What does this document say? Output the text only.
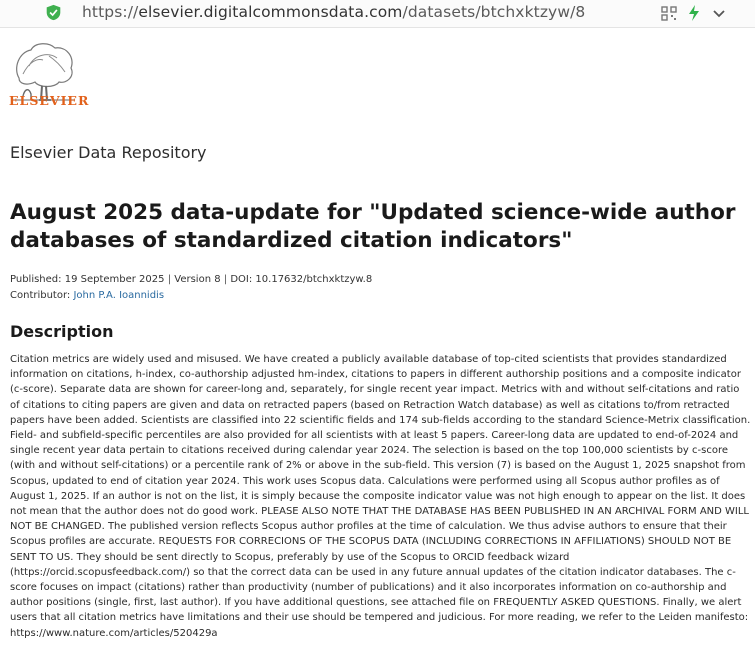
https://elsevier.digitalcommonsdata.com/datasets/btchxktzyw/8
ELSEVIER
Elsevier Data Repository
August 2025 data-update for "Updated science-wide author databases of standardized citation indicators"
Published: 19 September 2025 | Version 8 | DOI: 10.17632/btchxktzyw.8
Contributor: John P.A. Ioannidis
Description

Citation metrics are widely used and misused. We have created a publicly available database of top-cited scientists that provides standardized information on citations, h-index, co-authorship adjusted hm-index, citations to papers in different authorship positions and a composite indicator (c-score). Separate data are shown for career-long and, separately, for single recent year impact. Metrics with and without self-citations and ratio of citations to citing papers are given and data on retracted papers (based on Retraction Watch database) as well as citations to/from retracted papers have been added. Scientists are classified into 22 scientific fields and 174 sub-fields according to the standard Science-Metrix classification. Field- and subfield-specific percentiles are also provided for all scientists with at least 5 papers. Career-long data are updated to end-of-2024 and single recent year data pertain to citations received during calendar year 2024. The selection is based on the top 100,000 scientists by c-score (with and without self-citations) or a percentile rank of 2% or above in the sub-field. This version (7) is based on the August 1, 2025 snapshot from Scopus, updated to end of citation year 2024. This work uses Scopus data. Calculations were performed using all Scopus author profiles as of August 1, 2025. If an author is not on the list, it is simply because the composite indicator value was not high enough to appear on the list. It does not mean that the author does not do good work. PLEASE ALSO NOTE THAT THE DATABASE HAS BEEN PUBLISHED IN AN ARCHIVAL FORM AND WILL NOT BE CHANGED. The published version reflects Scopus author profiles at the time of calculation. We thus advise authors to ensure that their Scopus profiles are accurate. REQUESTS FOR CORRECIONS OF THE SCOPUS DATA (INCLUDING CORRECTIONS IN AFFILIATIONS) SHOULD NOT BE SENT TO US. They should be sent directly to Scopus, preferably by use of the Scopus to ORCID feedback wizard (https://orcid.scopusfeedback.com/) so that the correct data can be used in any future annual updates of the citation indicator databases. The c-score focuses on impact (citations) rather than productivity (number of publications) and it also incorporates information on co-authorship and author positions (single, first, last author). If you have additional questions, see attached file on FREQUENTLY ASKED QUESTIONS. Finally, we alert users that all citation metrics have limitations and their use should be tempered and judicious. For more reading, we refer to the Leiden manifesto: https://www.nature.com/articles/520429a
